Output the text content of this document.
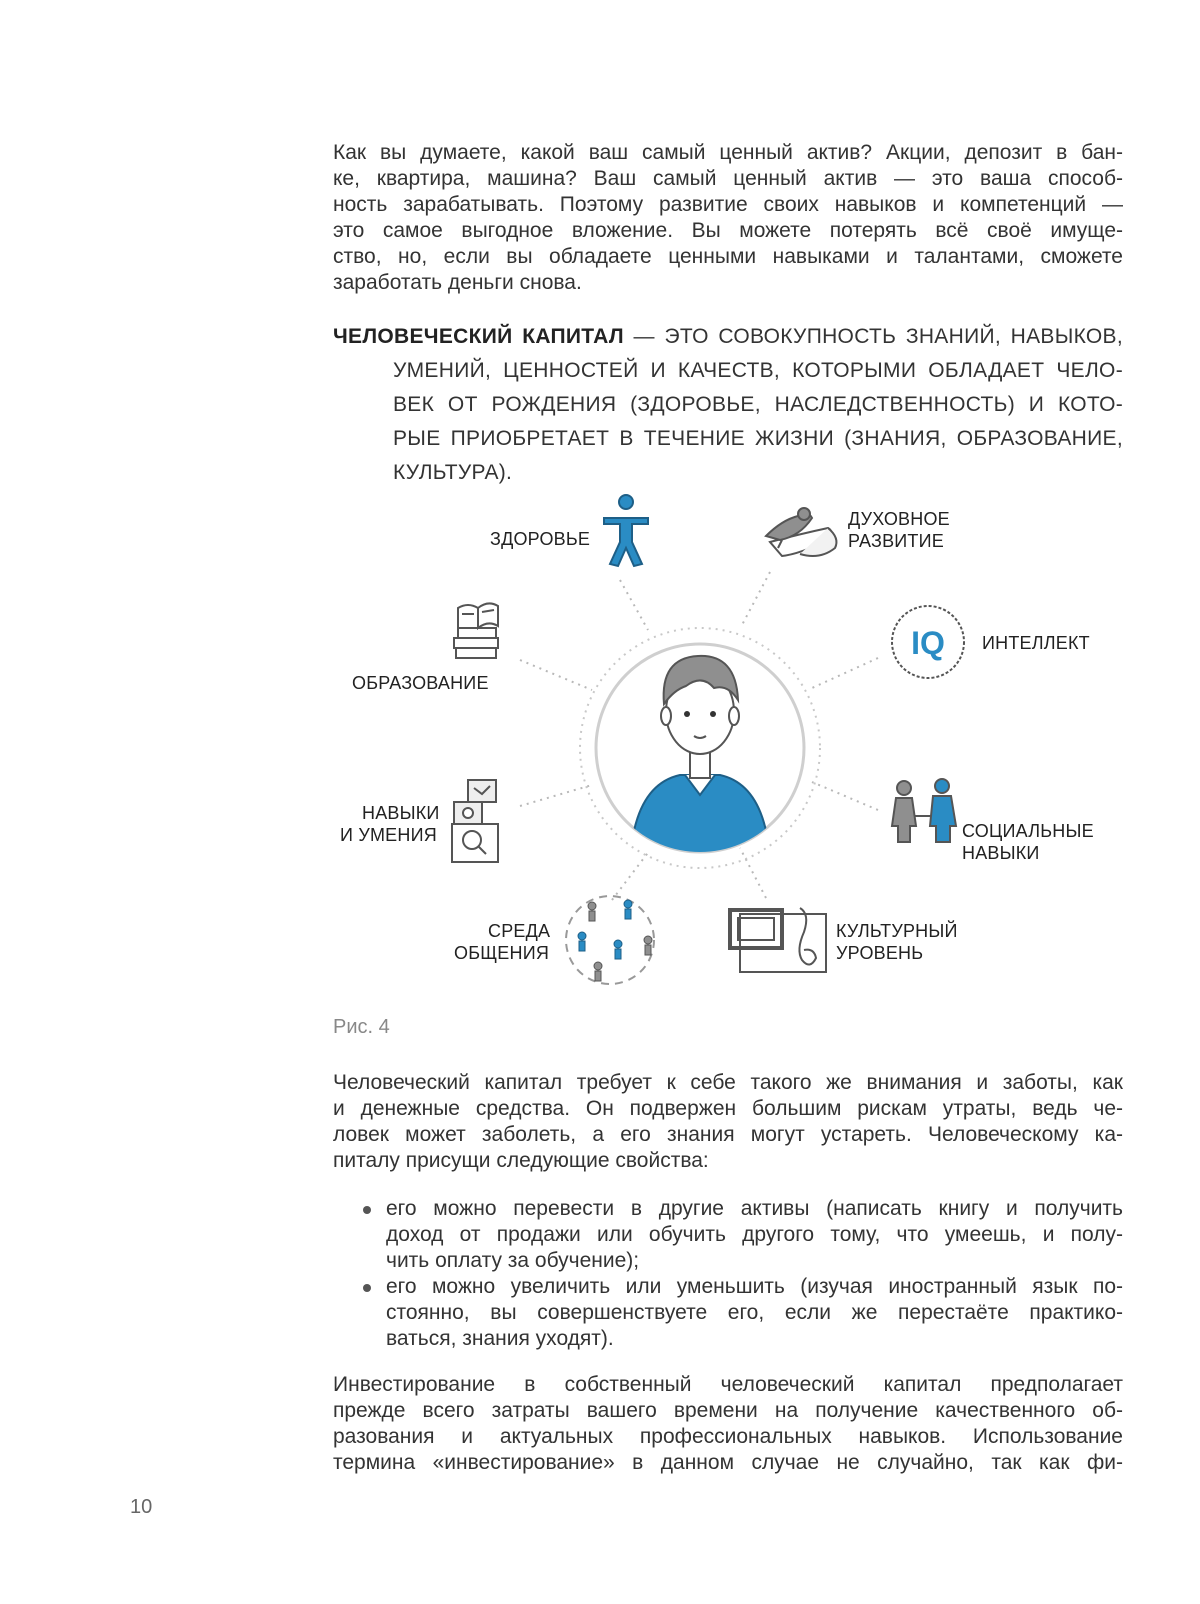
Как вы думаете, какой ваш самый ценный актив? Акции, депозит в бан-
ке, квартира, машина? Ваш самый ценный актив — это ваша способ-
ность зарабатывать. Поэтому развитие своих навыков и компетенций —
это самое выгодное вложение. Вы можете потерять всё своё имуще-
ство, но, если вы обладаете ценными навыками и талантами, сможете
заработать деньги снова.
ЧЕЛОВЕЧЕСКИЙ КАПИТАЛ — ЭТО СОВОКУПНОСТЬ ЗНАНИЙ, НАВЫКОВ,
УМЕНИЙ, ЦЕННОСТЕЙ И КАЧЕСТВ, КОТОРЫМИ ОБЛАДАЕТ ЧЕЛО-
ВЕК ОТ РОЖДЕНИЯ (ЗДОРОВЬЕ, НАСЛЕДСТВЕННОСТЬ) И КОТО-
РЫЕ ПРИОБРЕТАЕТ В ТЕЧЕНИЕ ЖИЗНИ (ЗНАНИЯ, ОБРАЗОВАНИЕ,
КУЛЬТУРА).
IQ
ЗДОРОВЬЕ
ДУХОВНОЕ
РАЗВИТИЕ
ИНТЕЛЛЕКТ
ОБРАЗОВАНИЕ
НАВЫКИ
И УМЕНИЯ	СОЦИАЛЬНЫЕ
НАВЫКИ
СРЕДА
ОБЩЕНИЯ
КУЛЬТУРНЫЙ
УРОВЕНЬ
Рис. 4
Человеческий капитал требует к себе такого же внимания и заботы, как
и денежные средства. Он подвержен большим рискам утраты, ведь че-
ловек может заболеть, а его знания могут устареть. Человеческому ка-
питалу присущи следующие свойства:
его можно перевести в другие активы (написать книгу и получить
доход от продажи или обучить другого тому, что умеешь, и полу-
чить оплату за обучение);
его можно увеличить или уменьшить (изучая иностранный язык по-
стоянно, вы совершенствуете его, если же перестаёте практико-
ваться, знания уходят).
Инвестирование в собственный человеческий капитал предполагает
прежде всего затраты вашего времени на получение качественного об-
разования и актуальных профессиональных навыков. Использование
термина «инвестирование» в данном случае не случайно, так как фи-
10
